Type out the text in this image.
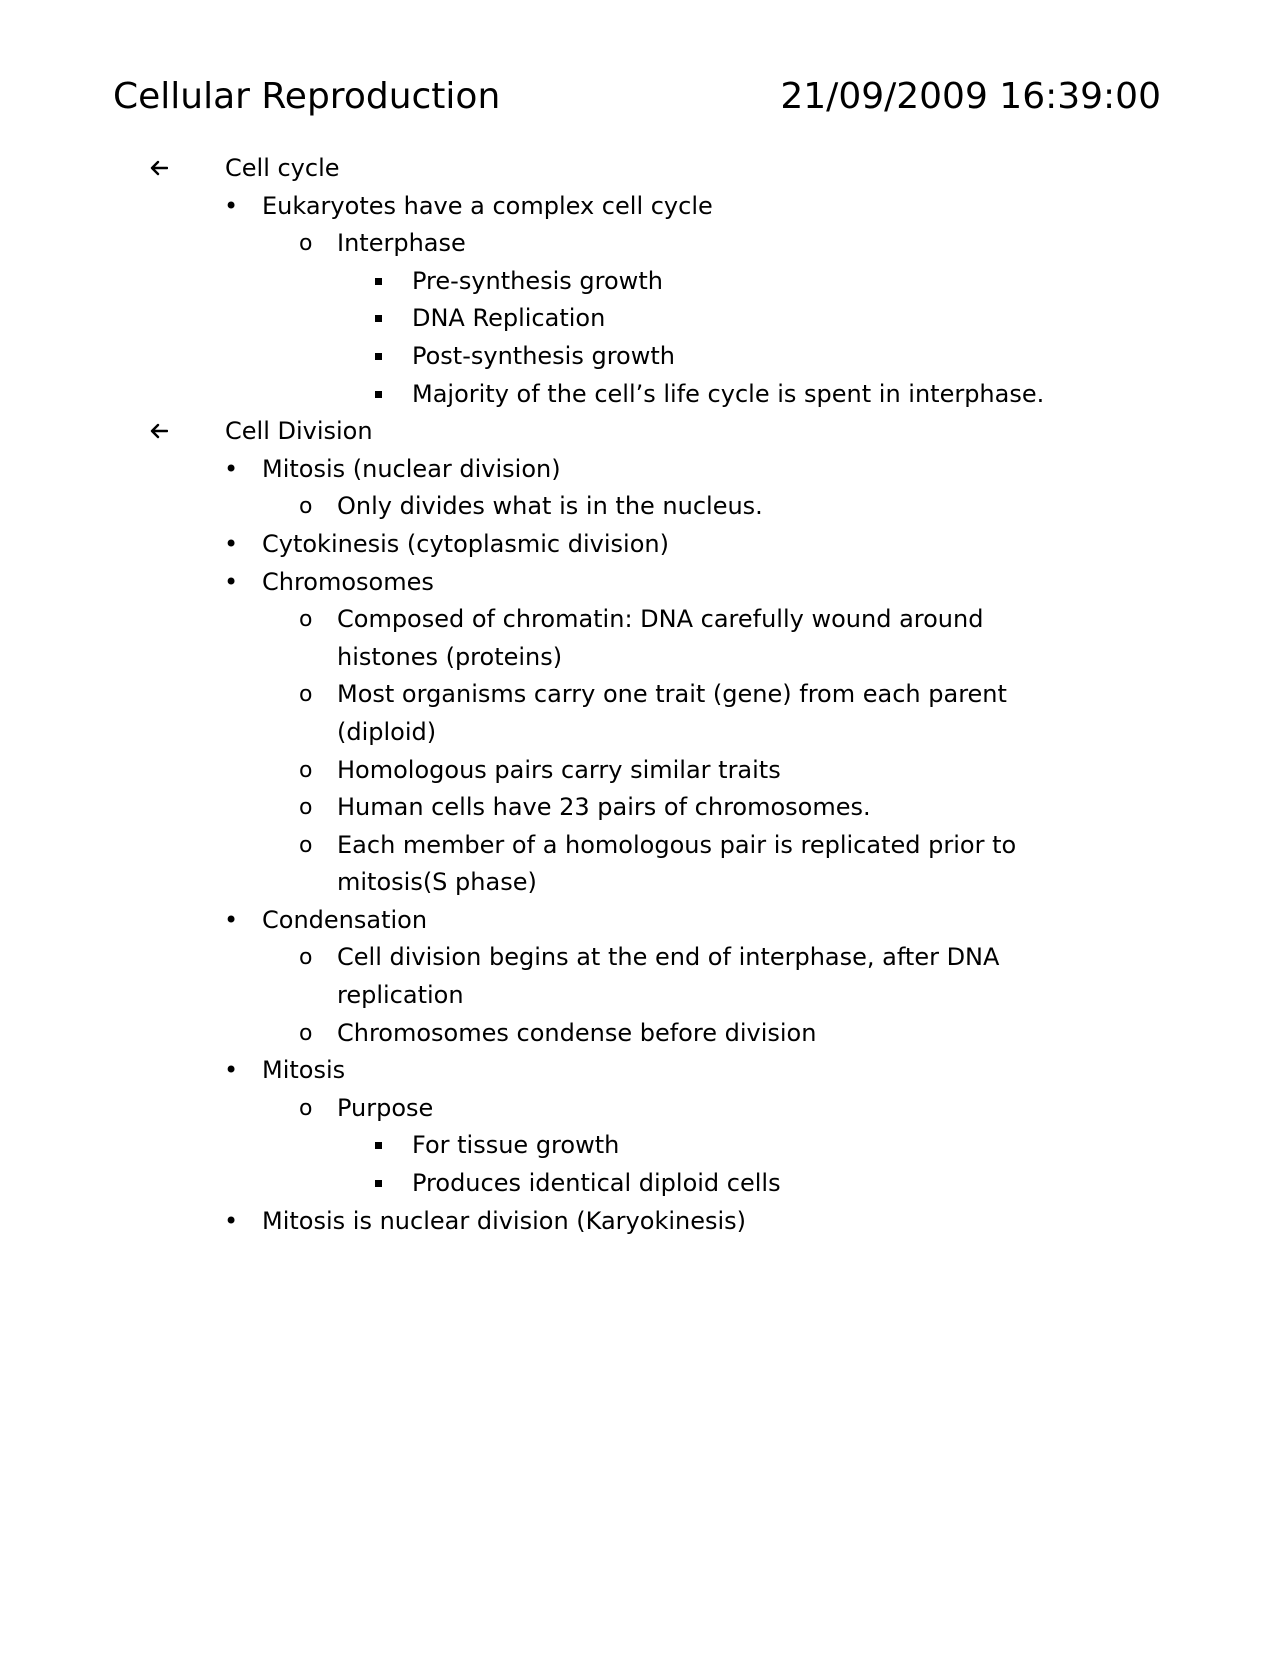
Cellular Reproduction	21/09/2009 16:39:00
Cell cycle
• Eukaryotes have a complex cell cycle
o	Interphase
Pre-synthesis growth
DNA Replication
Post-synthesis growth
Majority of the cell’s life cycle is spent in interphase.
Cell Division
• Mitosis (nuclear division)
o	Only divides what is in the nucleus.
• Cytokinesis (cytoplasmic division)
• Chromosomes
o	Composed of chromatin: DNA carefully wound around histones (proteins)
o	Most organisms carry one trait (gene) from each parent (diploid)
o	Homologous pairs carry similar traits
o	Human cells have 23 pairs of chromosomes.
o	Each member of a homologous pair is replicated prior to mitosis(S phase)
• Condensation
o	Cell division begins at the end of interphase, after DNA replication
o	Chromosomes condense before division
• Mitosis
o	Purpose
For tissue growth
Produces identical diploid cells
• Mitosis is nuclear division (Karyokinesis)
